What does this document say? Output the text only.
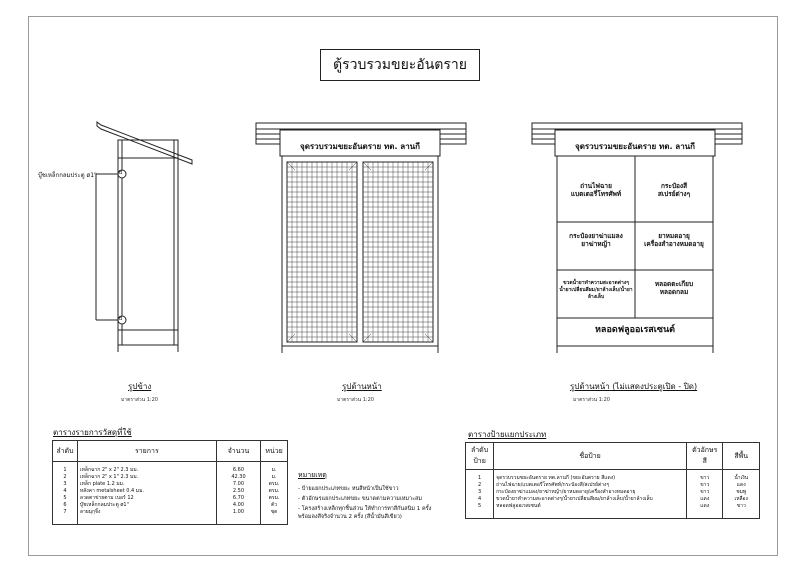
ตู้รวบรวมขยะอันตราย
บู๊ชเหล็กกลมประตู ø1"	B
B
รูปข้าง
มาตราส่วน 1:20
จุดรวบรวมขยะอันตราย ทต. ลานกี
รูปด้านหน้า
มาตราส่วน 1:20
จุดรวบรวมขยะอันตราย ทต. ลานกี
ถ่านไฟฉาย
แบตเตอรี่โทรศัพท์
กระป๋องสี
สเปรย์ต่างๆ
กระป๋องยาฆ่าแมลง
ยาฆ่าหญ้า
ยาหมดอายุ
เครื่องสำอางหมดอายุ
ขวดน้ำยาทำความสะอาดต่างๆ
น้ำยาเปลี่ยนสีผม/ยาล้างเล็บ/น้ำยาล้างเล็บ
หลอดตะเกียบ
หลอดกลม
หลอดฟลูออเรสเซนต์
รูปด้านหน้า (ไม่แสดงประตูเปิด - ปิด)
มาตราส่วน 1:20
ตารางรายการวัสดุที่ใช้
ลำดับ	รายการ	จำนวน	หน่วย
1	เหล็กฉาก 2" x 2" 2.3 มม.	6.60	ม.
2	เหล็กฉาก 2" x 1" 2.3 มม.	42.30	ม.
3	เหล็ก plate 1.2 มม.	7.00	ตรม.
4	หลังคา metalsheet 0.4 มม.	2.50	ตรม.
5	ลวดตาข่ายตาม เบอร์ 12	6.70	ตรม.
6	บู๊ชเหล็กกลมประตู ø1"	4.00	ตัว
7	ลายมุกุจิ้ง	1.00	ชุด

หมายเหตุ
- ป้ายแยกประเภทขยะ หนสีหน้าเป็นใช้ขาว
- ตัวอักษรแยกประเภทขยะ ขนาดตามความเหมาะสม
- โครงสร้างเหล็กทุกชิ้นส่วน ให้ทำการทาสีกันสนิม 1 ครั้ง
พร้อมลงสีจริงจำนวน 2 ครั้ง (สีน้ำมันสีเขียว)
ตารางป้ายแยกประเภท
ลำดับ ป้าย	ชื่อป้าย	ตัวอักษร สี	สีพื้น
1	จุดรวบรวมขยะอันตราย ทต.ลานกี (ขยะอันตราย สีแดง)	ขาว	น้ำเงิน
2	ถ่านไฟฉาย/แบตเตอรี่โทรศัพท์/กระป๋องสี/สเปรย์ต่างๆ	ขาว	แดง
3	กระป๋องยาฆ่าแมลง/ยาฆ่าหญ้า/ยาหมดอายุ/เครื่องสำอางหมดอายุ	ขาว	ชมพู
4	ขวดน้ำยาทำความสะอาดต่างๆ/น้ำยาเปลี่ยนสีผม/ยาล้างเล็บ/น้ำยาล้างเล็บ	แดง	เหลือง
5	หลอดฟลูออเรสเซนต์	แดง	ขาว
